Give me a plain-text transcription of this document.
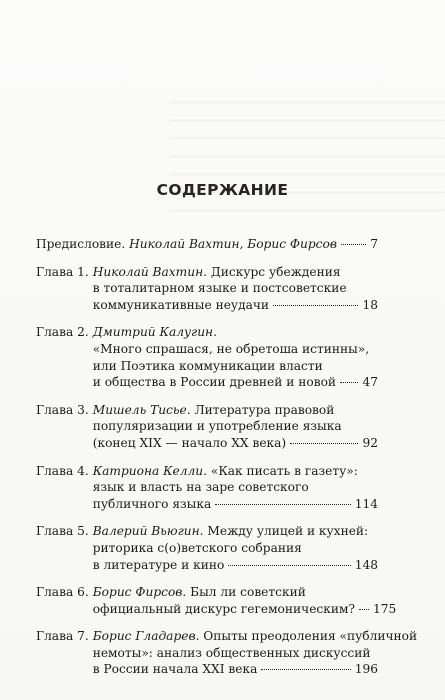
СОДЕРЖАНИЕ
Предисловие.
Николай Вахтин, Борис Фирсов	7
Глава 1. Николай Вахтин. Дискурс убеждения
в тоталитарном языке и постсоветские
коммуникативные неудачи	18
Глава 2. Дмитрий Калугин.
«Много спрашася, не обретоша истинны»,
или Поэтика коммуникации власти
и общества в России древней и новой 47
Глава 3. Мишель Тисье. Литература правовой
популяризации и употребление языка
(конец XIX — начало XX века)	92
Глава 4. Катриона Келли. «Как писать в газету»:
язык и власть на заре советского
публичного языка	114
Глава 5. Валерий Вьюгин. Между улицей и кухней:
риторика с(о)ветского собрания
в литературе и кино	148
Глава 6. Борис Фирсов. Был ли советский
официальный дискурс гегемоническим? 175
Глава 7. Борис Гладарев. Опыты преодоления «публичной
немоты»: анализ общественных дискуссий
в России начала XXI века	196
